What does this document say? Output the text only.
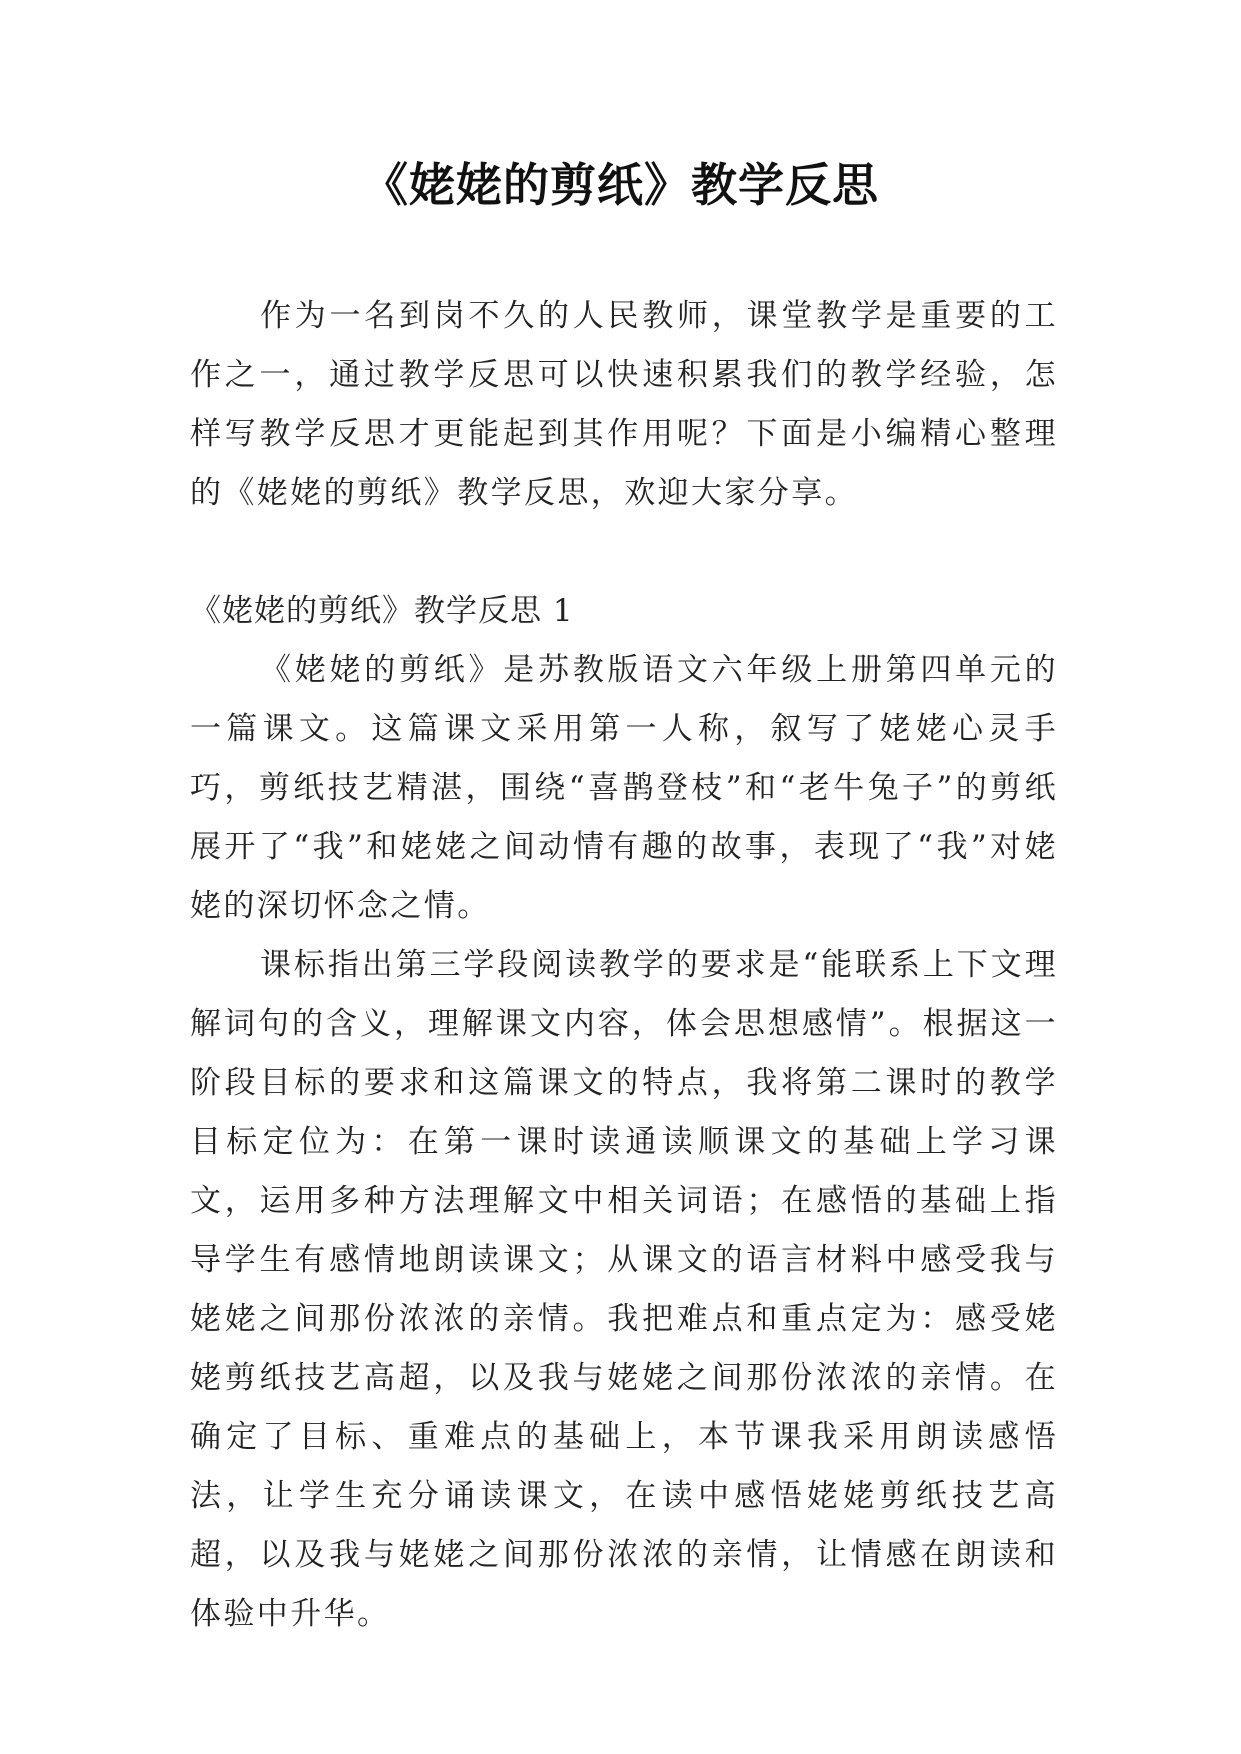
《姥姥的剪纸》教学反思

作为一名到岗不久的人民教师，课堂教学是重要的工作之一，通过教学反思可以快速积累我们的教学经验，怎样写教学反思才更能起到其作用呢？下面是小编精心整理的《姥姥的剪纸》教学反思，欢迎大家分享。

《姥姥的剪纸》教学反思 1

《姥姥的剪纸》是苏教版语文六年级上册第四单元的一篇课文。这篇课文采用第一人称，叙写了姥姥心灵手巧，剪纸技艺精湛，围绕“喜鹊登枝”和“老牛兔子”的剪纸展开了“我”和姥姥之间动情有趣的故事，表现了“我”对姥姥的深切怀念之情。

课标指出第三学段阅读教学的要求是“能联系上下文理解词句的含义，理解课文内容，体会思想感情”。根据这一阶段目标的要求和这篇课文的特点，我将第二课时的教学目标定位为：在第一课时读通读顺课文的基础上学习课文，运用多种方法理解文中相关词语；在感悟的基础上指导学生有感情地朗读课文；从课文的语言材料中感受我与姥姥之间那份浓浓的亲情。我把难点和重点定为：感受姥姥剪纸技艺高超，以及我与姥姥之间那份浓浓的亲情。在确定了目标、重难点的基础上，本节课我采用朗读感悟法，让学生充分诵读课文，在读中感悟姥姥剪纸技艺高超，以及我与姥姥之间那份浓浓的亲情，让情感在朗读和体验中升华。
